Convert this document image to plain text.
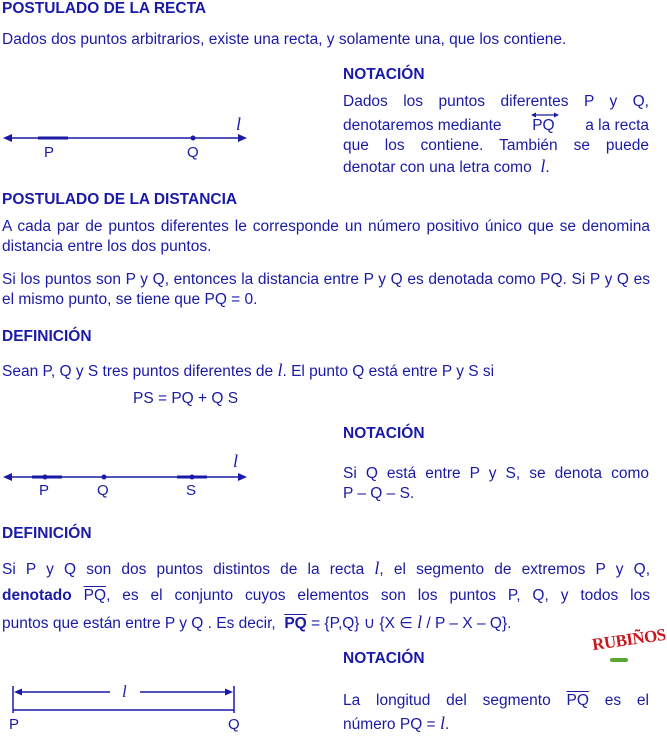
POSTULADO DE LA RECTA
Dados dos puntos arbitrarios, existe una recta, y solamente una, que los contiene.
P	Q
l
NOTACIÓN
Dados los puntos diferentes P y Q,
denotaremos mediante PQ a la recta
que los contiene. También se puede
denotar con una letra como l.
POSTULADO DE LA DISTANCIA
A cada par de puntos diferentes le corresponde un número positivo único que se denomina distancia entre los dos puntos.
Si los puntos son P y Q, entonces la distancia entre P y Q es denotada como PQ. Si P y Q es el mismo punto, se tiene que PQ = 0.
DEFINICIÓN
Sean P, Q y S tres puntos diferentes de l. El punto Q está entre P y S si
PS = PQ + Q S
P	Q	S
l
NOTACIÓN
Si Q está entre P y S, se denota como
P – Q – S.
DEFINICIÓN
Si P y Q son dos puntos distintos de la recta l, el segmento de extremos P y Q,
denotado $\overline{PQ}$, es el conjunto cuyos elementos son los puntos P, Q, y todos los
puntos que están entre P y Q . Es decir, $\overline{PQ} = \{P,Q\}$ ∪ {X ∈ l / P – X – Q}.
RUBIÑOS
l
P	Q
NOTACIÓN
La longitud del segmento $\overline{PQ}$ es el
número PQ = l.
